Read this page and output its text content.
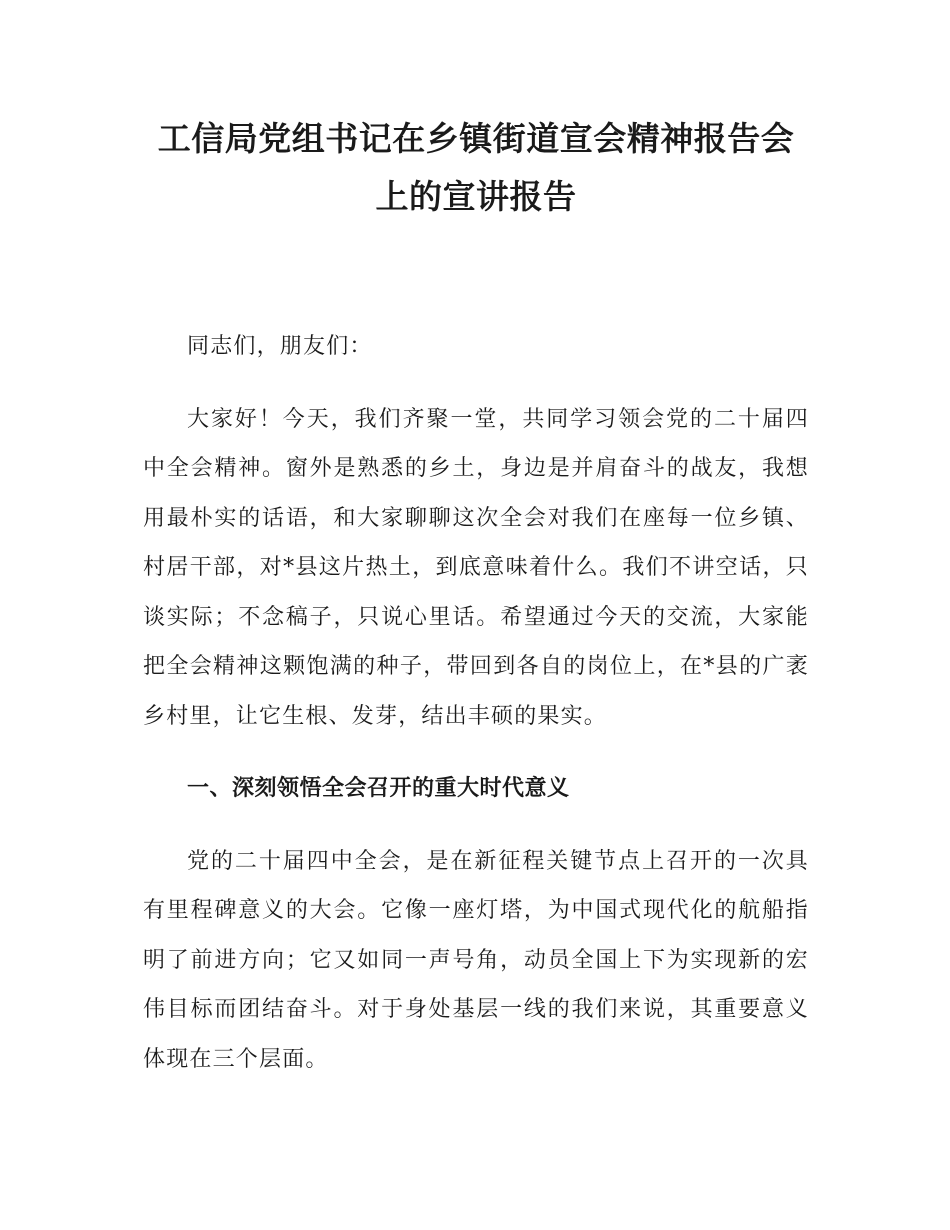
工信局党组书记在乡镇街道宣会精神报告会上的宣讲报告

同志们，朋友们：

大家好！今天，我们齐聚一堂，共同学习领会党的二十届四中全会精神。窗外是熟悉的乡土，身边是并肩奋斗的战友，我想用最朴实的话语，和大家聊聊这次全会对我们在座每一位乡镇、村居干部，对*县这片热土，到底意味着什么。我们不讲空话，只谈实际；不念稿子，只说心里话。希望通过今天的交流，大家能把全会精神这颗饱满的种子，带回到各自的岗位上，在*县的广袤乡村里，让它生根、发芽，结出丰硕的果实。

一、深刻领悟全会召开的重大时代意义

党的二十届四中全会，是在新征程关键节点上召开的一次具有里程碑意义的大会。它像一座灯塔，为中国式现代化的航船指明了前进方向；它又如同一声号角，动员全国上下为实现新的宏伟目标而团结奋斗。对于身处基层一线的我们来说，其重要意义体现在三个层面。
